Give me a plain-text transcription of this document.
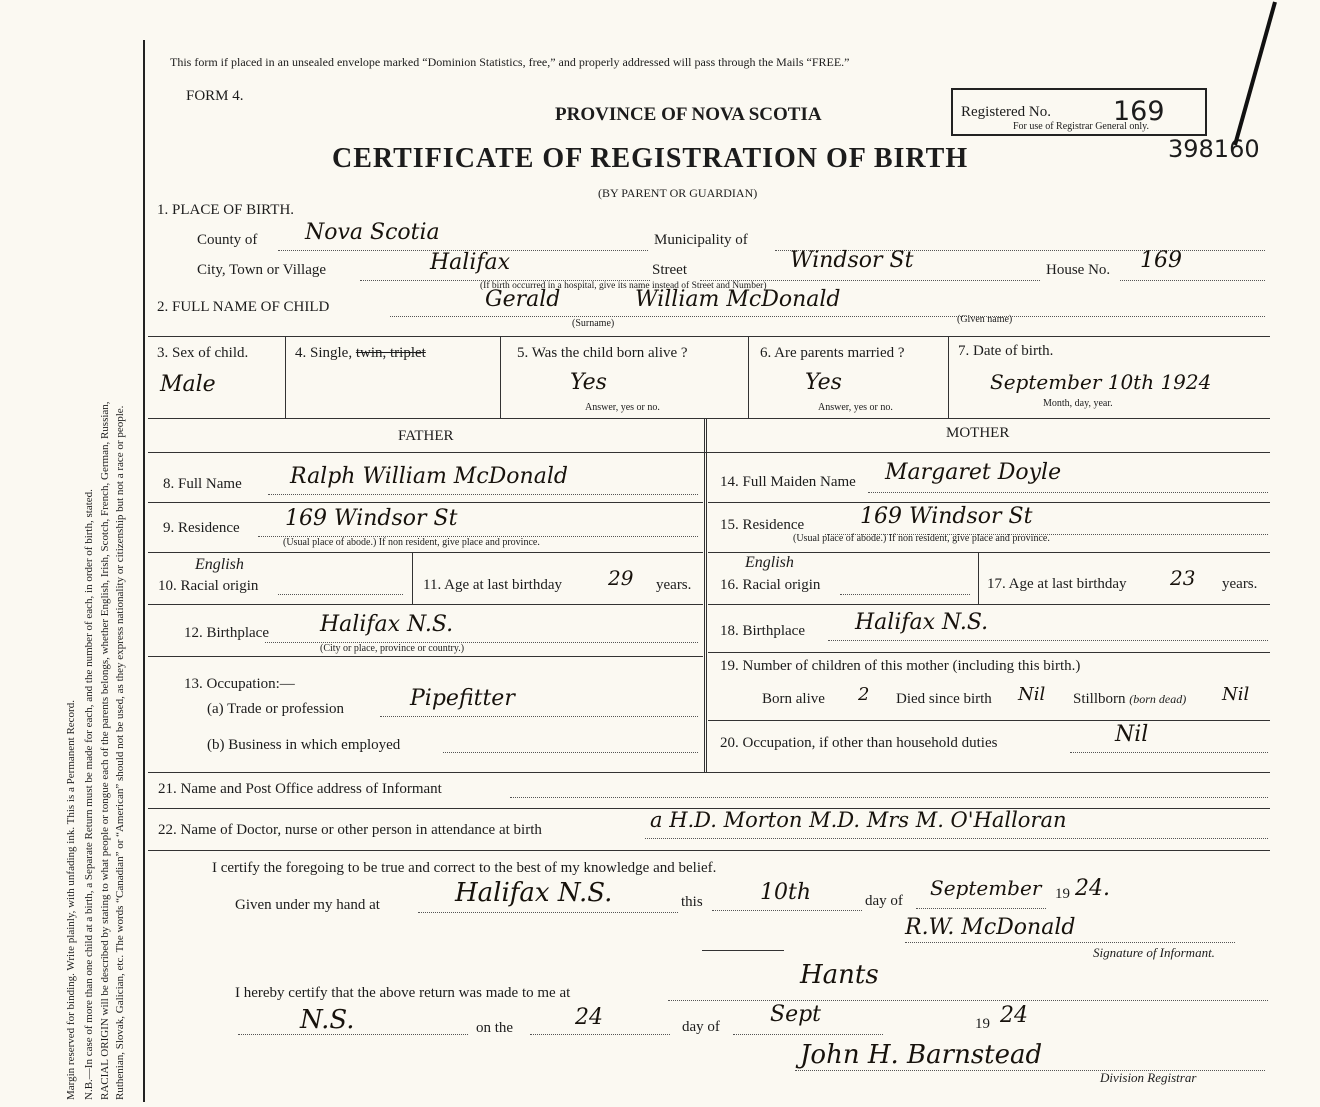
Margin reserved for binding. Write plainly, with unfading ink. This is a Permanent Record. N.B.—In case of more than one child at a birth, a Separate Return must be made for each, and the number of each, in order of birth, stated. RACIAL ORIGIN will be described by stating to what people or tongue each of the parents belongs, whether English, Irish, Scotch, French, German, Russian, Ruthenian, Slovak, Galician, etc. The words “Canadian” or “American” should not be used, as they express nationality or citizenship but not a race or people.
This form if placed in an unsealed envelope marked “Dominion Statistics, free,” and properly addressed will pass through the Mails “FREE.”
FORM 4.
PROVINCE OF NOVA SCOTIA
CERTIFICATE OF REGISTRATION OF BIRTH
(BY PARENT OR GUARDIAN)
Registered No. 169
For use of Registrar General only.
398160
1. PLACE OF BIRTH.
County of Nova Scotia	Municipality of
City, Town or Village	Halifax	Street	Windsor St	House No. 169
(If birth occurred in a hospital, give its name instead of Street and Number)
2. FULL NAME OF CHILD	Gerald	William McDonald
(Surname)	(Given name)
3. Sex of child.
Male
4. Single, twin, triplet	5. Was the child born alive ?
Yes
Answer, yes or no.
6. Are parents married ?
Yes
Answer, yes or no.
7. Date of birth.
September 10th 1924
Month, day, year.
FATHER	MOTHER
8. Full Name Ralph William McDonald
9. Residence 169 Windsor St
(Usual place of abode.) If non resident, give place and province.
English
10. Racial origin	11. Age at last birthday 29 years.
12. Birthplace Halifax N.S.
(City or place, province or country.)
13. Occupation:—
(a) Trade or profession	Pipefitter
(b) Business in which employed
14. Full Maiden Name Margaret Doyle
15. Residence	169 Windsor St
(Usual place of abode.) If non resident, give place and province.
English
16. Racial origin	17. Age at last birthday 23 years.
18. Birthplace Halifax N.S.
19. Number of children of this mother (including this birth.)
Born alive 2 Died since birth Nil Stillborn (born dead) Nil
20. Occupation, if other than household duties	Nil
21. Name and Post Office address of Informant
22. Name of Doctor, nurse or other person in attendance at birth	a H.D. Morton M.D. Mrs M. O'Halloran
I certify the foregoing to be true and correct to the best of my knowledge and belief.
Given under my hand at	Halifax N.S.	this	10th	day of
September 19 24.
R.W. McDonald
Signature of Informant.
I hereby certify that the above return was made to me at
Hants
N.S.	on the	24	day of Sept	19 24
John H. Barnstead
Division Registrar
